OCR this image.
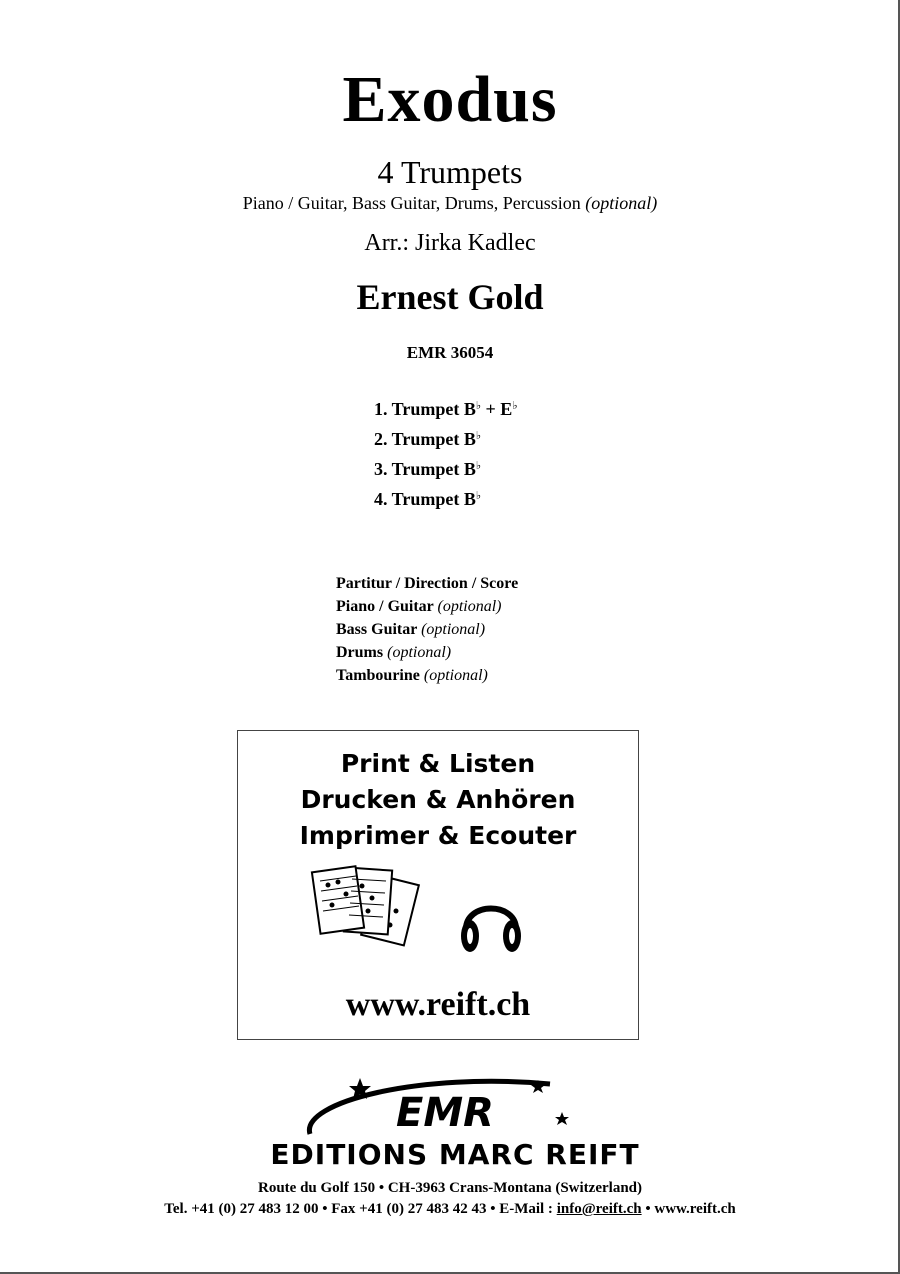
Exodus
4 Trumpets
Piano / Guitar, Bass Guitar, Drums, Percussion (optional)
Arr.: Jirka Kadlec
Ernest Gold
EMR 36054
1. Trumpet B♭ + E♭
2. Trumpet B♭
3. Trumpet B♭
4. Trumpet B♭
Partitur / Direction / Score
Piano / Guitar (optional)
Bass Guitar (optional)
Drums (optional)
Tambourine (optional)
Print & Listen
Drucken & Anhören
Imprimer & Ecouter
www.reift.ch
EMR
EDITIONS MARC REIFT
Route du Golf 150 • CH-3963 Crans-Montana (Switzerland)
Tel. +41 (0) 27 483 12 00 • Fax +41 (0) 27 483 42 43 • E-Mail : info@reift.ch • www.reift.ch
